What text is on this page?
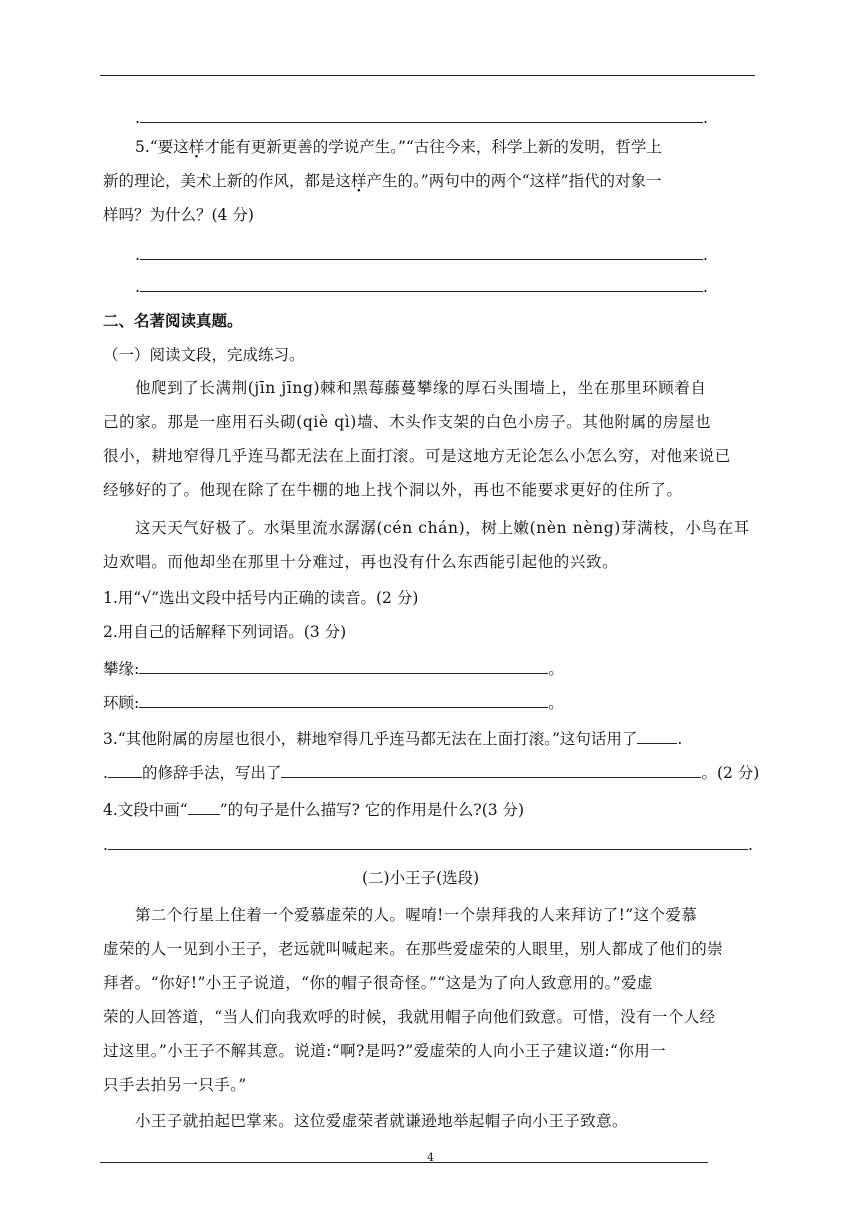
.	.
5.“要这样才能有更新更善的学说产生。”“古往今来，科学上新的发明，哲学上
新的理论，美术上新的作风，都是这样产生的。”两句中的两个“这样”指代的对象一
样吗？为什么？(4 分)
.	.
.	.
二、名著阅读真题。
（一）阅读文段，完成练习。
他爬到了长满荆(jīn jīng)棘和黑莓藤蔓攀缘的厚石头围墙上，坐在那里环顾着自
己的家。那是一座用石头砌(qiè qì)墙、木头作支架的白色小房子。其他附属的房屋也
很小，耕地窄得几乎连马都无法在上面打滚。可是这地方无论怎么小怎么穷，对他来说已
经够好的了。他现在除了在牛棚的地上找个洞以外，再也不能要求更好的住所了。
这天天气好极了。水渠里流水潺潺(cén chán)，树上嫩(nèn nèng)芽满枝，小鸟在耳
边欢唱。而他却坐在那里十分难过，再也没有什么东西能引起他的兴致。
1.用“√”选出文段中括号内正确的读音。(2 分)
2.用自己的话解释下列词语。(3 分)
攀缘:	。
环顾:	。
3.“其他附属的房屋也很小，耕地窄得几乎连马都无法在上面打滚。”这句话用了	.
. 的修辞手法，写出了	。(2 分)
4.文段中画“ ”的句子是什么描写? 它的作用是什么?(3 分)
.	.
(二)小王子(选段)
第二个行星上住着一个爱慕虚荣的人。喔唷!一个崇拜我的人来拜访了!”这个爱慕
虚荣的人一见到小王子，老远就叫喊起来。在那些爱虚荣的人眼里，别人都成了他们的崇
拜者。“你好!”小王子说道，“你的帽子很奇怪。”“这是为了向人致意用的。”爱虚
荣的人回答道，“当人们向我欢呼的时候，我就用帽子向他们致意。可惜，没有一个人经
过这里。”小王子不解其意。说道:“啊?是吗?”爱虚荣的人向小王子建议道:“你用一
只手去拍另一只手。”
小王子就拍起巴掌来。这位爱虚荣者就谦逊地举起帽子向小王子致意。
4
